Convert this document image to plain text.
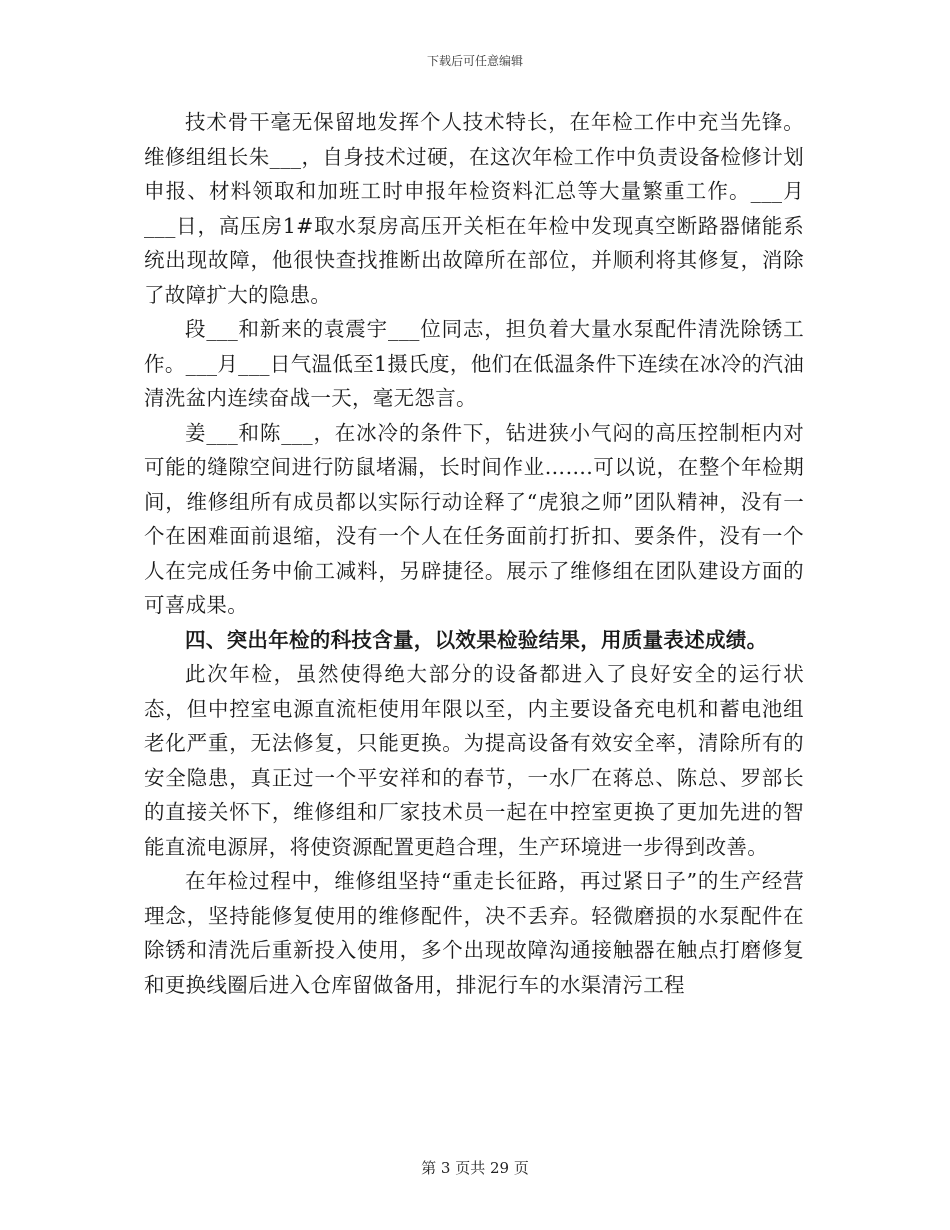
下载后可任意编辑

技术骨干毫无保留地发挥个人技术特长，在年检工作中充当先锋。维修组组长朱___，自身技术过硬，在这次年检工作中负责设备检修计划申报、材料领取和加班工时申报年检资料汇总等大量繁重工作。___月___日，高压房1#取水泵房高压开关柜在年检中发现真空断路器储能系统出现故障，他很快查找推断出故障所在部位，并顺利将其修复，消除了故障扩大的隐患。

段___和新来的袁震宇___位同志，担负着大量水泵配件清洗除锈工作。___月___日气温低至1摄氏度，他们在低温条件下连续在冰冷的汽油清洗盆内连续奋战一天，毫无怨言。

姜___和陈___，在冰冷的条件下，钻进狭小气闷的高压控制柜内对可能的缝隙空间进行防鼠堵漏，长时间作业…….可以说，在整个年检期间，维修组所有成员都以实际行动诠释了“虎狼之师”团队精神，没有一个在困难面前退缩，没有一个人在任务面前打折扣、要条件，没有一个人在完成任务中偷工减料，另辟捷径。展示了维修组在团队建设方面的可喜成果。

四、突出年检的科技含量，以效果检验结果，用质量表述成绩。

此次年检，虽然使得绝大部分的设备都进入了良好安全的运行状态，但中控室电源直流柜使用年限以至，内主要设备充电机和蓄电池组老化严重，无法修复，只能更换。为提高设备有效安全率，清除所有的安全隐患，真正过一个平安祥和的春节，一水厂在蒋总、陈总、罗部长的直接关怀下，维修组和厂家技术员一起在中控室更换了更加先进的智能直流电源屏，将使资源配置更趋合理，生产环境进一步得到改善。

在年检过程中，维修组坚持“重走长征路，再过紧日子”的生产经营理念，坚持能修复使用的维修配件，决不丢弃。轻微磨损的水泵配件在除锈和清洗后重新投入使用，多个出现故障沟通接触器在触点打磨修复和更换线圈后进入仓库留做备用，排泥行车的水渠清污工程

第 3 页共 29 页
